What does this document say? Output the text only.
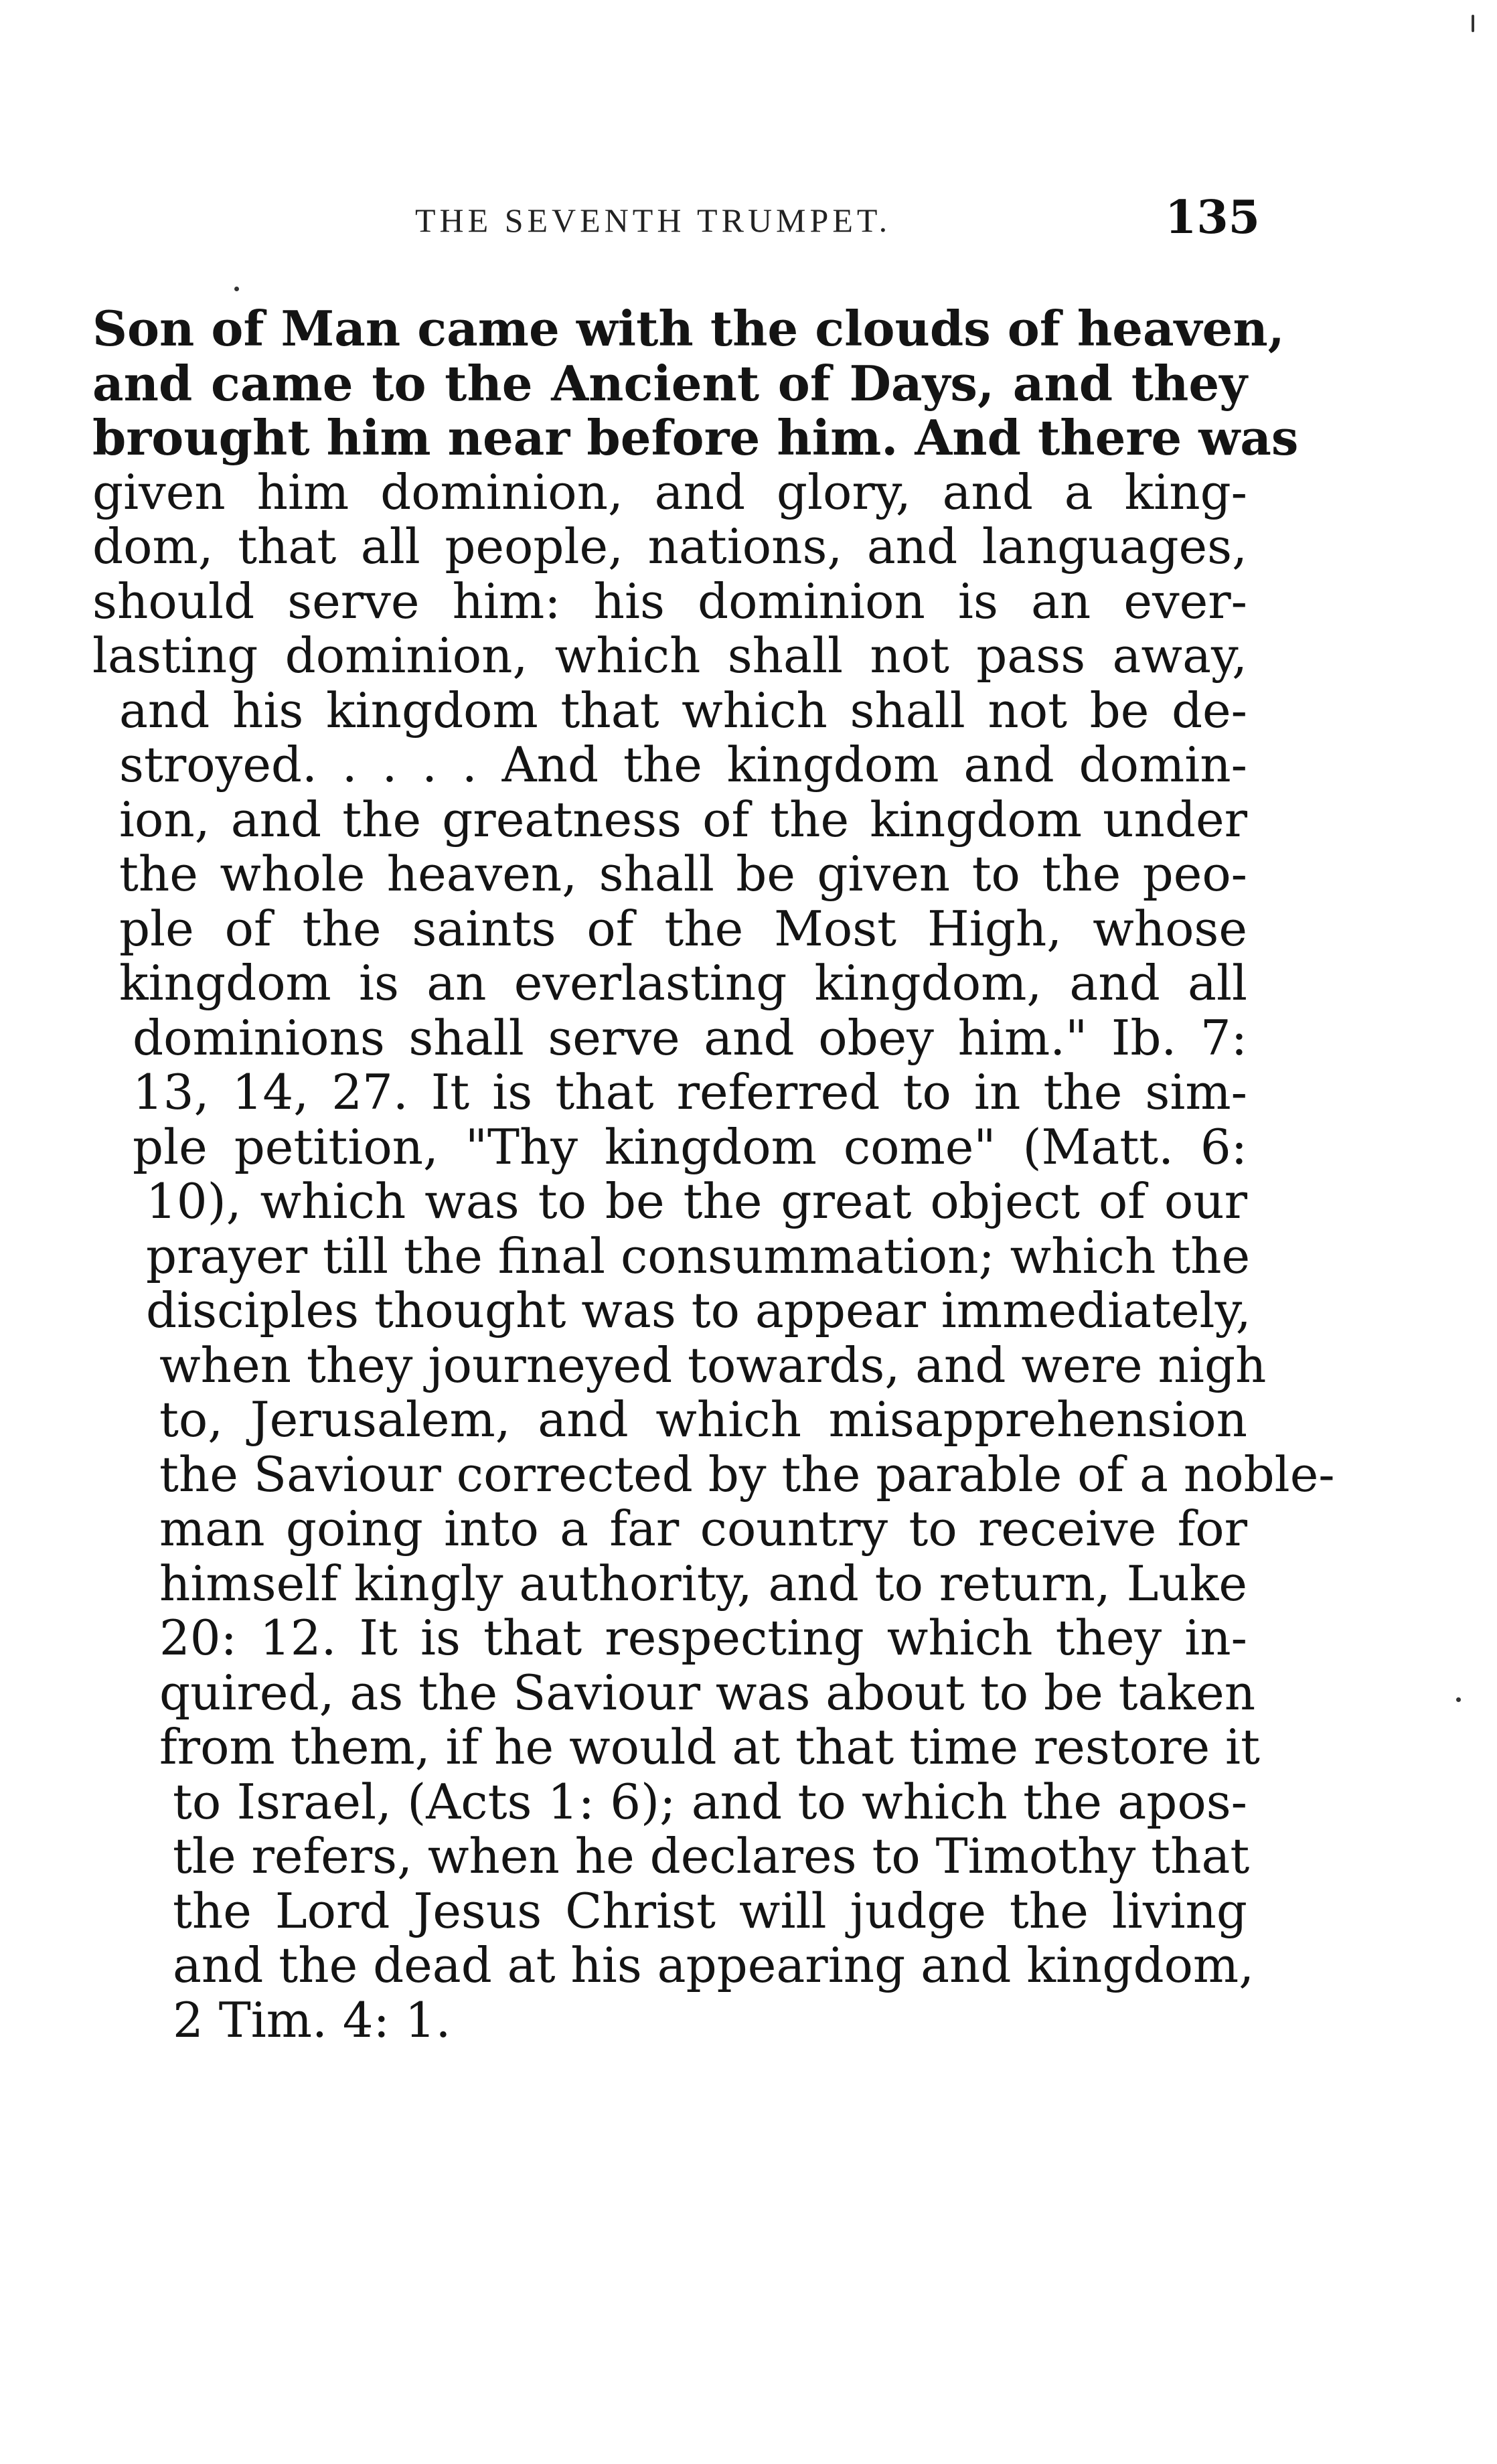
THE SEVENTH TRUMPET.	135
Son of Man came with the clouds of heaven,
and came to the Ancient of Days, and they
brought him near before him. And there was
given him dominion, and glory, and a king-
dom, that all people, nations, and languages,
should serve him: his dominion is an ever-
lasting dominion, which shall not pass away,
and his kingdom that which shall not be de-
stroyed. . . . . And the kingdom and domin-
ion, and the greatness of the kingdom under
the whole heaven, shall be given to the peo-
ple of the saints of the Most High, whose
kingdom is an everlasting kingdom, and all
dominions shall serve and obey him." Ib. 7:
13, 14, 27. It is that referred to in the sim-
ple petition, "Thy kingdom come" (Matt. 6:
10), which was to be the great object of our
prayer till the final consummation; which the
disciples thought was to appear immediately,
when they journeyed towards, and were nigh
to, Jerusalem, and which misapprehension
the Saviour corrected by the parable of a noble-
man going into a far country to receive for
himself kingly authority, and to return, Luke
20: 12. It is that respecting which they in-
quired, as the Saviour was about to be taken
from them, if he would at that time restore it
to Israel, (Acts 1: 6); and to which the apos-
tle refers, when he declares to Timothy that
the Lord Jesus Christ will judge the living
and the dead at his appearing and kingdom,
2 Tim. 4: 1.
